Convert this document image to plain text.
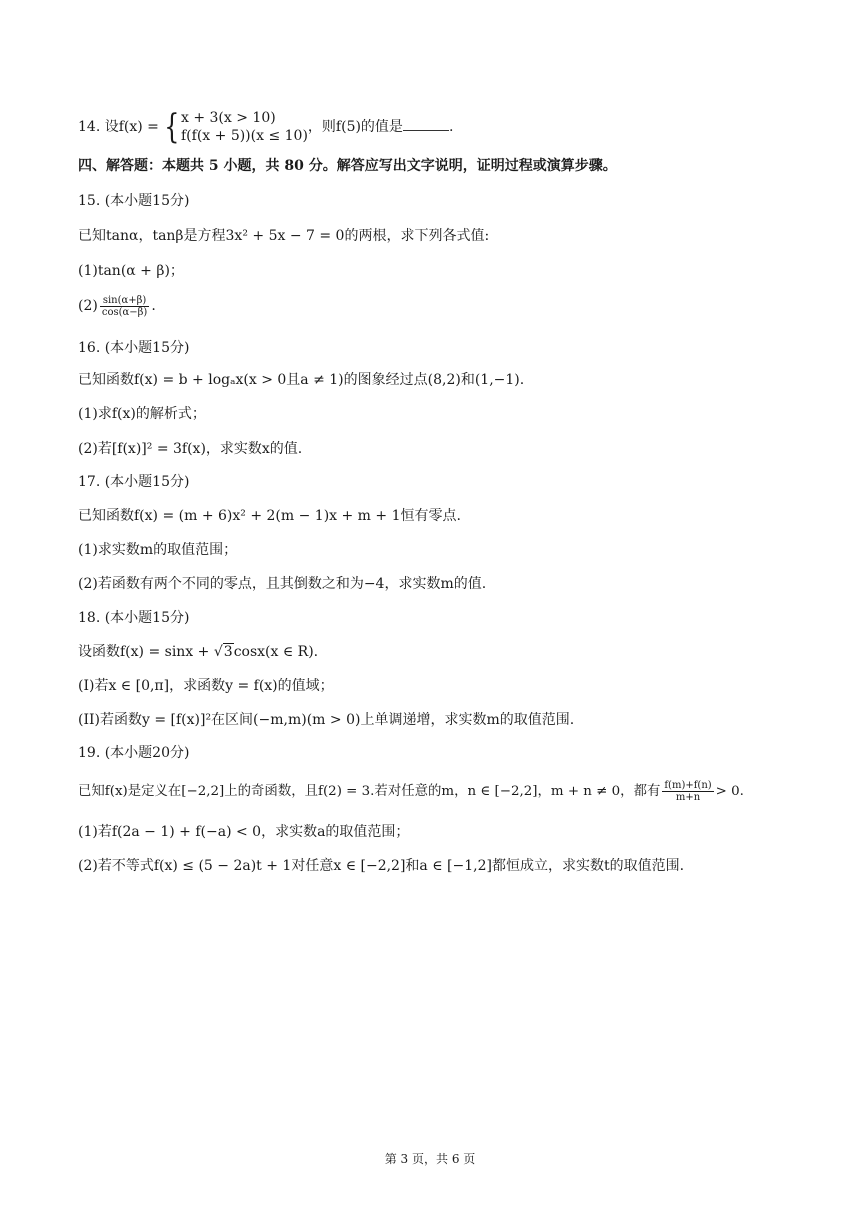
14. 设f(x) = { x + 3(x > 10)
f(f(x + 5))(x ≤ 10)
，则f(5)的值是	.
四、解答题：本题共 5 小题，共 80 分。解答应写出文字说明，证明过程或演算步骤。
15. (本小题15分)
已知tanα，tanβ是方程3x² + 5x − 7 = 0的两根，求下列各式值:
(1)tan(α + β)；
$(2) \frac{\sin(\alpha+\beta)}{\cos(\alpha-\beta)}$ .
16. (本小题15分)
已知函数f(x) = b + logₐx(x > 0且a ≠ 1)的图象经过点(8,2)和(1,−1).
(1)求f(x)的解析式；
(2)若[f(x)]² = 3f(x)，求实数x的值.
17. (本小题15分)
已知函数f(x) = (m + 6)x² + 2(m − 1)x + m + 1恒有零点.
(1)求实数m的取值范围；
(2)若函数有两个不同的零点，且其倒数之和为−4，求实数m的值.
18. (本小题15分)
设函数f(x) = sinx + √3cosx(x ∈ R).
(I)若x ∈ [0,π]，求函数y = f(x)的值域；
(II)若函数y = [f(x)]²在区间(−m,m)(m > 0)上单调递增，求实数m的取值范围.
19. (本小题20分)
已知f(x)是定义在[−2,2]上的奇函数，且f(2) = 3.若对任意的m，n ∈ [−2,2]，m + n ≠ 0，都有 $\frac{f(m)+f(n)}{m+n} > 0$.
(1)若f(2a − 1) + f(−a) < 0，求实数a的取值范围；
(2)若不等式f(x) ≤ (5 − 2a)t + 1对任意x ∈ [−2,2]和a ∈ [−1,2]都恒成立，求实数t的取值范围.
第 3 页，共 6 页
